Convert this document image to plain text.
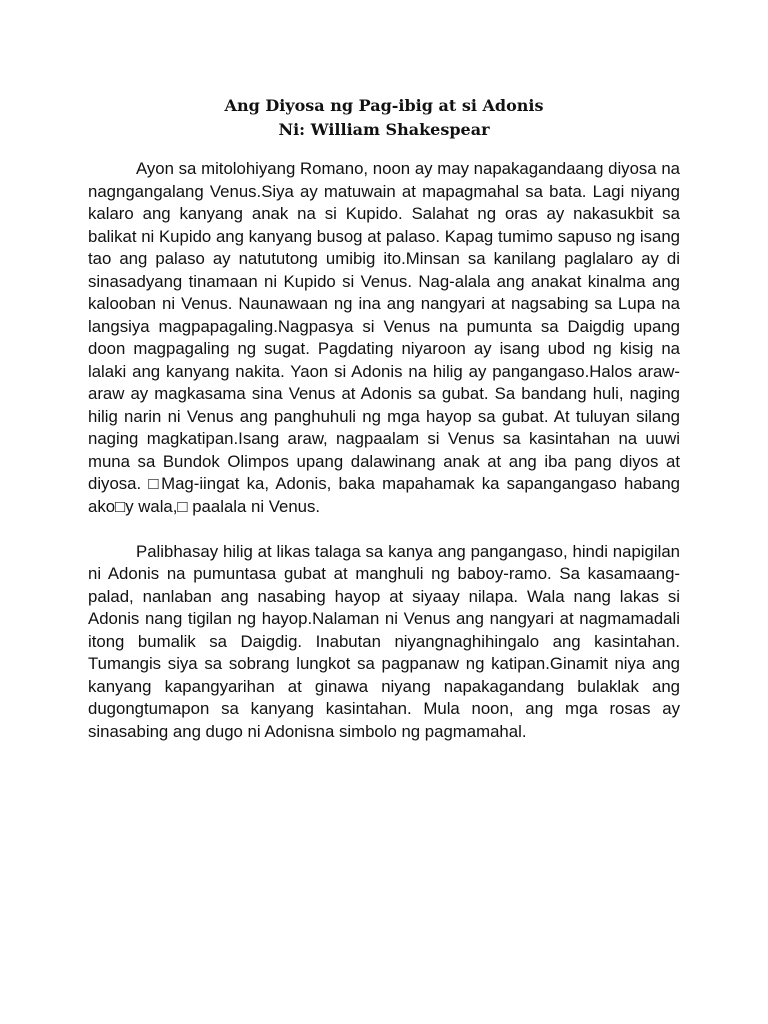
Ang Diyosa ng Pag-ibig at si Adonis
Ni: William Shakespear

Ayon sa mitolohiyang Romano, noon ay may napakagandaang diyosa na nagngangalang Venus.Siya ay matuwain at mapagmahal sa bata. Lagi niyang kalaro ang kanyang anak na si Kupido. Salahat ng oras ay nakasukbit sa balikat ni Kupido ang kanyang busog at palaso. Kapag tumimo sapuso ng isang tao ang palaso ay natututong umibig ito.Minsan sa kanilang paglalaro ay di sinasadyang tinamaan ni Kupido si Venus. Nag-alala ang anakat kinalma ang kalooban ni Venus. Naunawaan ng ina ang nangyari at nagsabing sa Lupa na langsiya magpapagaling.Nagpasya si Venus na pumunta sa Daigdig upang doon magpagaling ng sugat. Pagdating niyaroon ay isang ubod ng kisig na lalaki ang kanyang nakita. Yaon si Adonis na hilig ay pangangaso.Halos araw-araw ay magkasama sina Venus at Adonis sa gubat. Sa bandang huli, naging hilig narin ni Venus ang panghuhuli ng mga hayop sa gubat. At tuluyan silang naging magkatipan.Isang araw, nagpaalam si Venus sa kasintahan na uuwi muna sa Bundok Olimpos upang dalawinang anak at ang iba pang diyos at diyosa. □Mag-iingat ka, Adonis, baka mapahamak ka sapangangaso habang ako□y wala,□ paalala ni Venus.

Palibhasay hilig at likas talaga sa kanya ang pangangaso, hindi napigilan ni Adonis na pumuntasa gubat at manghuli ng baboy-ramo. Sa kasamaang-palad, nanlaban ang nasabing hayop at siyaay nilapa. Wala nang lakas si Adonis nang tigilan ng hayop.Nalaman ni Venus ang nangyari at nagmamadali itong bumalik sa Daigdig. Inabutan niyangnaghihingalo ang kasintahan. Tumangis siya sa sobrang lungkot sa pagpanaw ng katipan.Ginamit niya ang kanyang kapangyarihan at ginawa niyang napakagandang bulaklak ang dugongtumapon sa kanyang kasintahan. Mula noon, ang mga rosas ay sinasabing ang dugo ni Adonisna simbolo ng pagmamahal.
